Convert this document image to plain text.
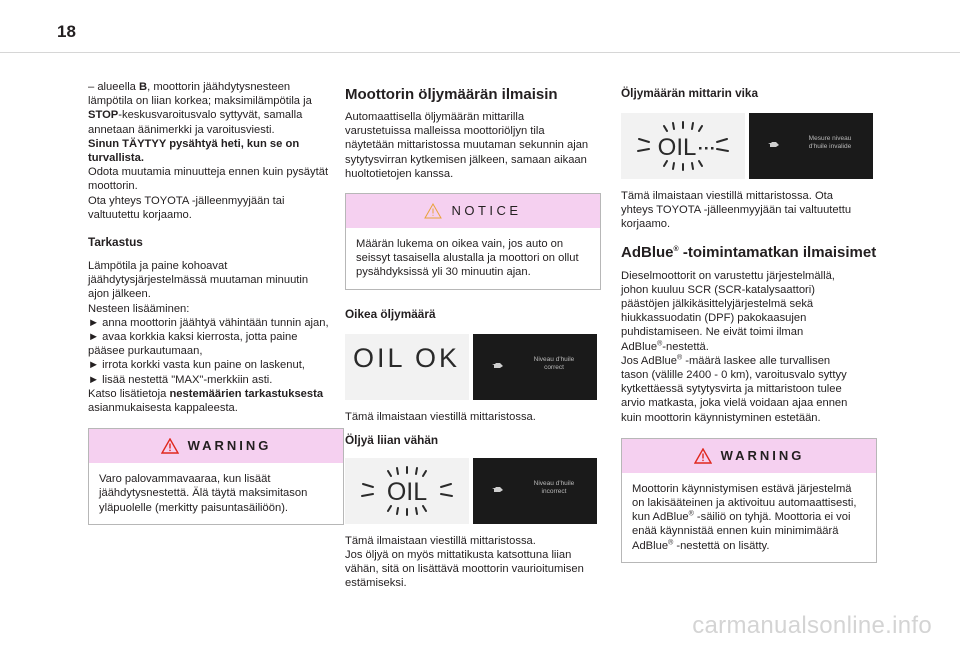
18

– alueella B, moottorin jäähdytysnesteen
lämpötila on liian korkea; maksimilämpötila ja
STOP-keskusvaroitusvalo syttyvät, samalla
annetaan äänimerkki ja varoitusviesti.
Sinun TÄYTYY pysähtyä heti, kun se on
turvallista.
Odota muutamia minuutteja ennen kuin pysäytät
moottorin.
Ota yhteys TOYOTA -jälleenmyyjään tai
valtuutettu korjaamo.

Tarkastus

Lämpötila ja paine kohoavat
jäähdytysjärjestelmässä muutaman minuutin
ajon jälkeen.
Nesteen lisääminen:
► anna moottorin jäähtyä vähintään tunnin ajan,
► avaa korkkia kaksi kierrosta, jotta paine
pääsee purkautumaan,
► irrota korkki vasta kun paine on laskenut,
► lisää nestettä "MAX"-merkkiin asti.
Katso lisätietoja nestemäärien tarkastuksesta
asianmukaisesta kappaleesta.

WARNING
Varo palovammavaaraa, kun lisäät
jäähdytysnestettä. Älä täytä maksimitason
yläpuolelle (merkitty paisuntasäiliöön).
Moottorin öljymäärän ilmaisin

Automaattisella öljymäärän mittarilla
varustetuissa malleissa moottoriöljyn tila
näytetään mittaristossa muutaman sekunnin ajan
sytytysvirran kytkemisen jälkeen, samaan aikaan
huoltotietojen kanssa.

NOTICE
Määrän lukema on oikea vain, jos auto on
seissyt tasaisella alustalla ja moottori on ollut
pysähdyksissä yli 30 minuutin ajan.
Oikea öljymäärä
OIL OK	Niveau d'huile
correct

Tämä ilmaistaan viestillä mittaristossa.

Öljyä liian vähän
OIL	Niveau d'huile
incorrect

Tämä ilmaistaan viestillä mittaristossa.
Jos öljyä on myös mittatikusta katsottuna liian
vähän, sitä on lisättävä moottorin vaurioitumisen
estämiseksi.

Öljymäärän mittarin vika
OIL	Mesure niveau
d'huile invalide

Tämä ilmaistaan viestillä mittaristossa. Ota
yhteys TOYOTA -jälleenmyyjään tai valtuutettu
korjaamo.

AdBlue® -toimintamatkan ilmaisimet

Dieselmoottorit on varustettu järjestelmällä,
johon kuuluu SCR (SCR-katalysaattori)
päästöjen jälkikäsittelyjärjestelmä sekä
hiukkassuodatin (DPF) pakokaasujen
puhdistamiseen. Ne eivät toimi ilman
AdBlue®-nestettä.
Jos AdBlue® -määrä laskee alle turvallisen
tason (välille 2400 - 0 km), varoitusvalo syttyy
kytkettäessä sytytysvirta ja mittaristoon tulee
arvio matkasta, joka vielä voidaan ajaa ennen
kuin moottorin käynnistyminen estetään.

WARNING
Moottorin käynnistymisen estävä järjestelmä
on lakisääteinen ja aktivoituu automaattisesti,
kun AdBlue® -säiliö on tyhjä. Moottoria ei voi
enää käynnistää ennen kuin minimimäärä
AdBlue® -nestettä on lisätty.
carmanualsonline.info
